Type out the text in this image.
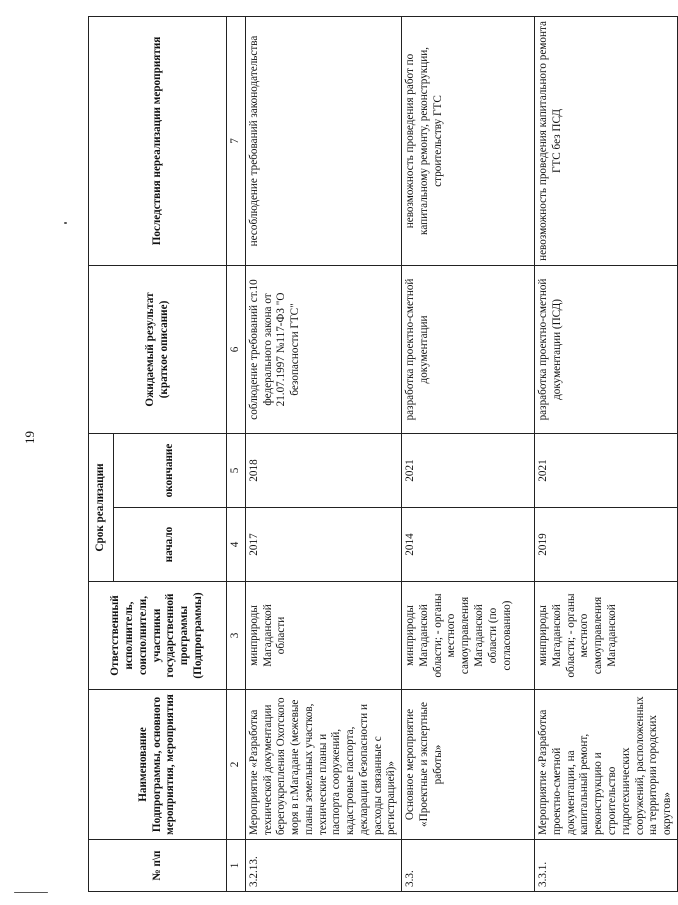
19
№ п\п	Наименование Подпрограммы, основного мероприятия, мероприятия	Ответственный исполнитель, соисполнители, участники государственной программы (Подпрограммы)	Срок реализации		Ожидаемый результат (краткое описание)	Последствия нереализации мероприятия
			начало	окончание		
1	2	3	4	5	6	7
3.2.13.	Мероприятие «Разработка технической документации берегоукрепления Охотского моря в г.Магадане (межевые планы земельных участков, технические планы и паспорта сооружений, кадастровые паспорта, декларации безопасности и расходы связанные с регистрацией)»	минприроды Магаданской области	2017	2018	соблюдение требований ст.10 федерального закона от 21.07.1997 №117-ФЗ "О безопасности ГТС"	несоблюдение требований законодательства
3.3.	Основное мероприятие «Проектные и экспертные работы»	минприроды Магаданской области; - органы местного самоуправления Магаданской области (по согласованию)	2014	2021	разработка проектно-сметной документации	невозможность проведения работ по капитальному ремонту, реконструкции, строительству ГТС
3.3.1.	Мероприятие «Разработка проектно-сметной документации, на капитальный ремонт, реконструкцию и строительство гидротехнических сооружений, расположенных на территории городских округов»	минприроды Магаданской области; - органы местного самоуправления Магаданской	2019	2021	разработка проектно-сметной документации (ПСД)	невозможность проведения капитального ремонта ГТС без ПСД
